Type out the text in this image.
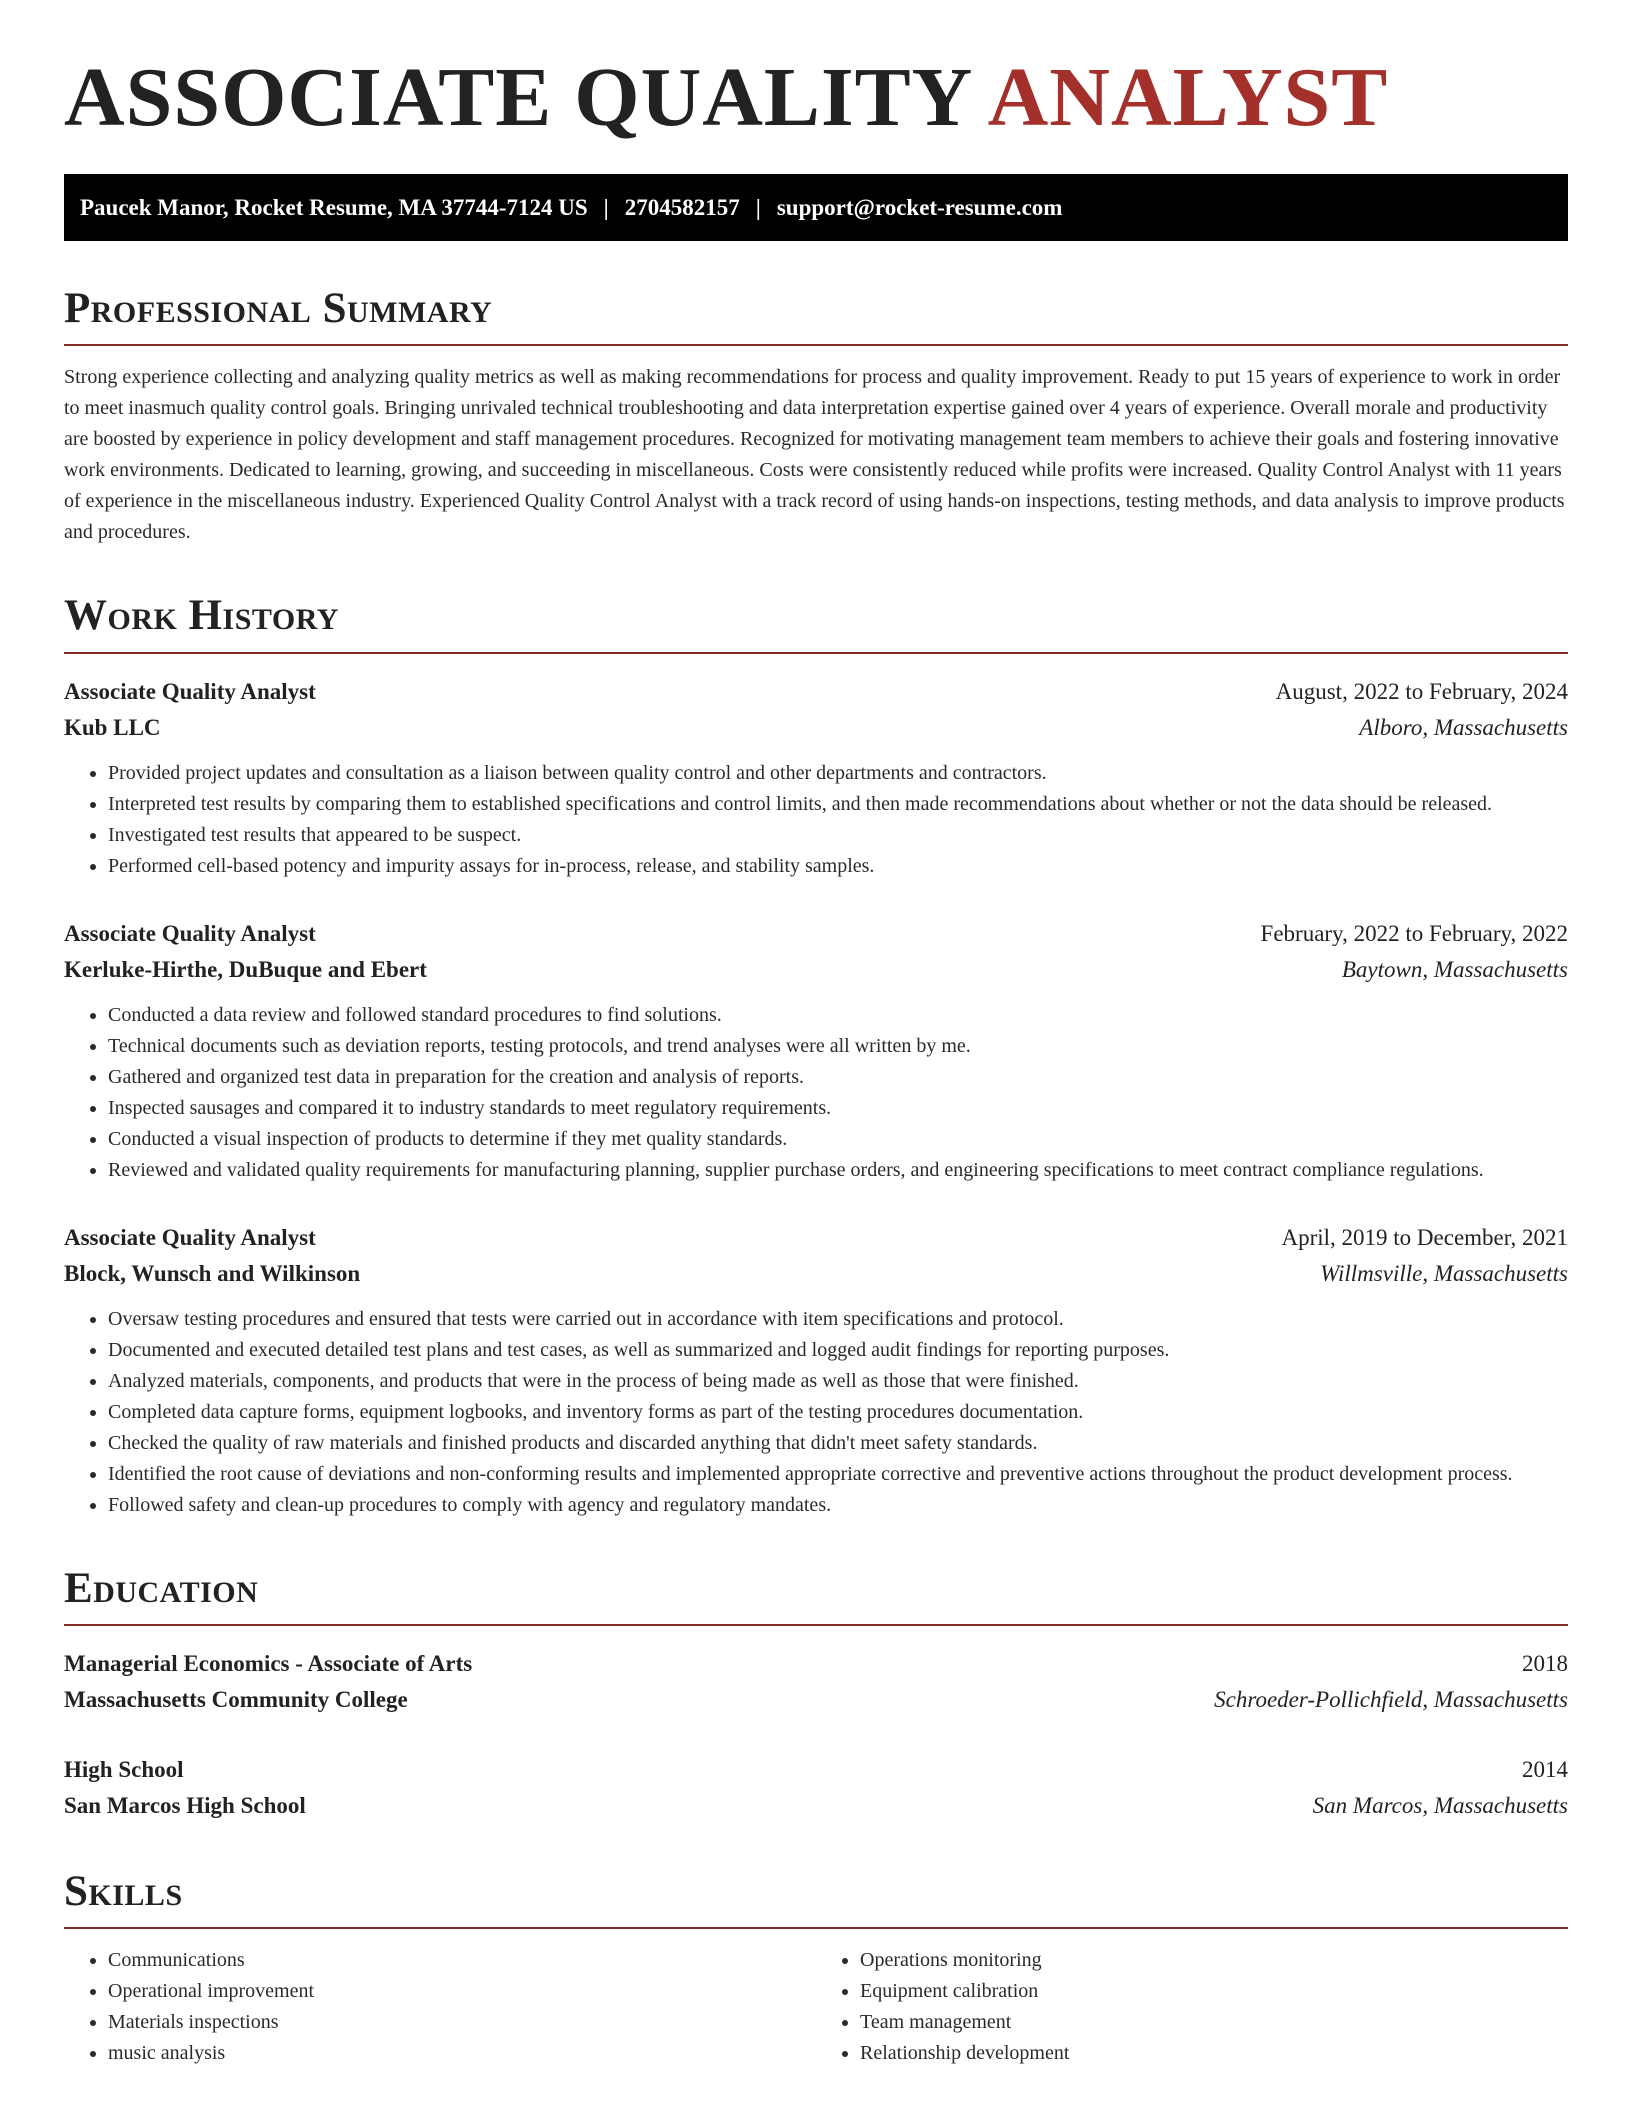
ASSOCIATE QUALITY ANALYST
Paucek Manor, Rocket Resume, MA 37744-7124 US | 2704582157 | support@rocket-resume.com
Professional Summary

Strong experience collecting and analyzing quality metrics as well as making recommendations for process and quality improvement. Ready to put 15 years of experience to work in order to meet inasmuch quality control goals. Bringing unrivaled technical troubleshooting and data interpretation expertise gained over 4 years of experience. Overall morale and productivity are boosted by experience in policy development and staff management procedures. Recognized for motivating management team members to achieve their goals and fostering innovative work environments. Dedicated to learning, growing, and succeeding in miscellaneous. Costs were consistently reduced while profits were increased. Quality Control Analyst with 11 years of experience in the miscellaneous industry. Experienced Quality Control Analyst with a track record of using hands-on inspections, testing methods, and data analysis to improve products and procedures.

Work History
Associate Quality Analyst	August, 2022 to February, 2024
Kub LLC	Alboro, Massachusetts
• Provided project updates and consultation as a liaison between quality control and other departments and contractors.
• Interpreted test results by comparing them to established specifications and control limits, and then made recommendations about whether or not the data should be released.
• Investigated test results that appeared to be suspect.
• Performed cell-based potency and impurity assays for in-process, release, and stability samples.
Associate Quality Analyst	February, 2022 to February, 2022
Kerluke-Hirthe, DuBuque and Ebert	Baytown, Massachusetts
• Conducted a data review and followed standard procedures to find solutions.
• Technical documents such as deviation reports, testing protocols, and trend analyses were all written by me.
• Gathered and organized test data in preparation for the creation and analysis of reports.
• Inspected sausages and compared it to industry standards to meet regulatory requirements.
• Conducted a visual inspection of products to determine if they met quality standards.
• Reviewed and validated quality requirements for manufacturing planning, supplier purchase orders, and engineering specifications to meet contract compliance regulations.
Associate Quality Analyst	April, 2019 to December, 2021
Block, Wunsch and Wilkinson	Willmsville, Massachusetts
• Oversaw testing procedures and ensured that tests were carried out in accordance with item specifications and protocol.
• Documented and executed detailed test plans and test cases, as well as summarized and logged audit findings for reporting purposes.
• Analyzed materials, components, and products that were in the process of being made as well as those that were finished.
• Completed data capture forms, equipment logbooks, and inventory forms as part of the testing procedures documentation.
• Checked the quality of raw materials and finished products and discarded anything that didn't meet safety standards.
• Identified the root cause of deviations and non-conforming results and implemented appropriate corrective and preventive actions throughout the product development process.
• Followed safety and clean-up procedures to comply with agency and regulatory mandates.
Education
Managerial Economics - Associate of Arts	2018
Massachusetts Community College	Schroeder-Pollichfield, Massachusetts
High School	2014
San Marcos High School	San Marcos, Massachusetts
Skills
• Communications
• Operational improvement
• Materials inspections
• music analysis
• Operations monitoring
• Equipment calibration
• Team management
• Relationship development
